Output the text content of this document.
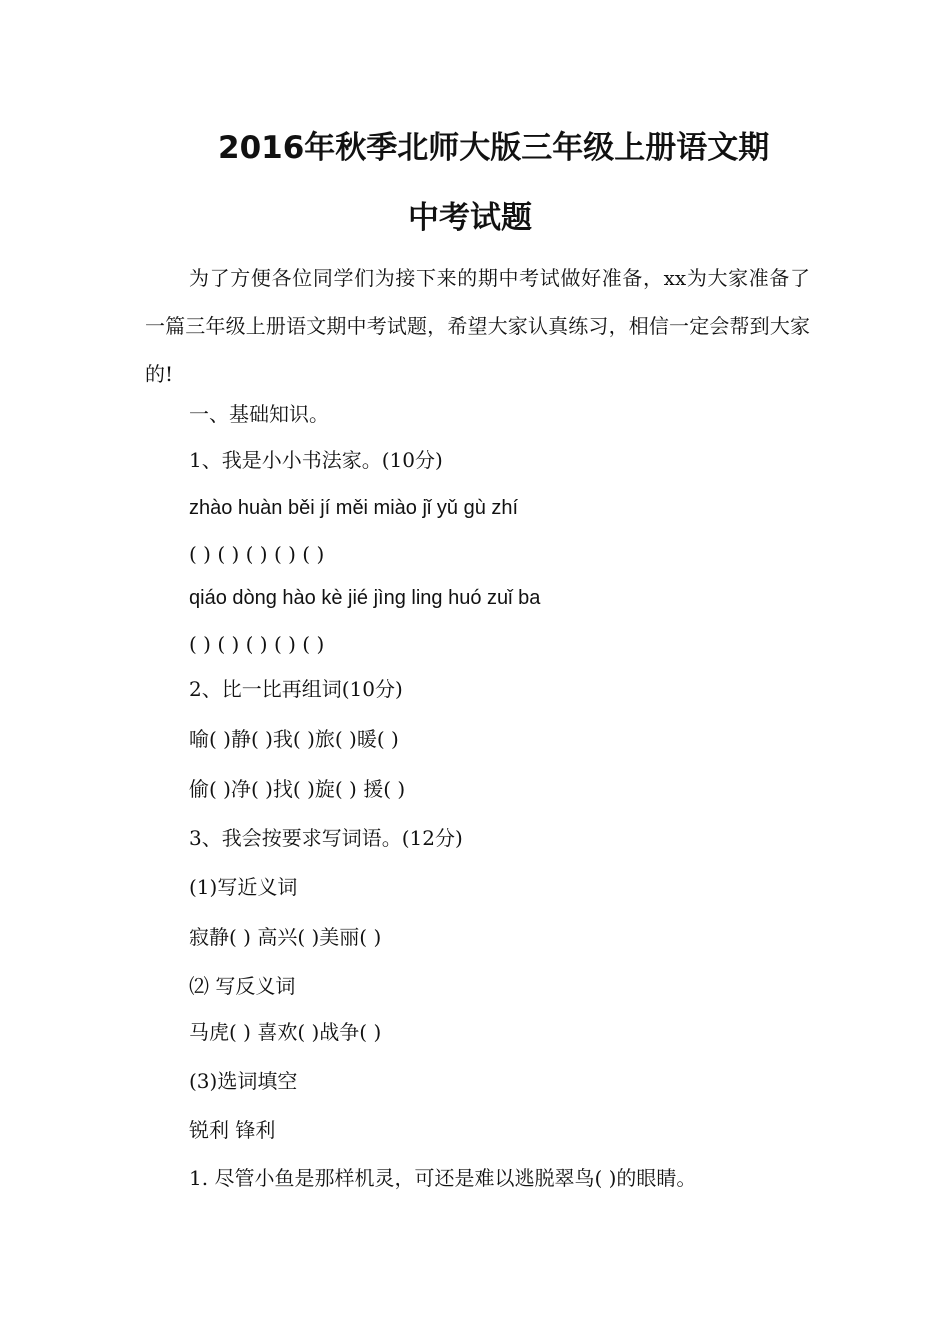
2016年秋季北师大版三年级上册语文期
中考试题

为了方便各位同学们为接下来的期中考试做好准备，xx为大家准备了一篇三年级上册语文期中考试题，希望大家认真练习，相信一定会帮到大家的!

一、基础知识。
1、我是小小书法家。(10分)
zhào huàn běi jí měi miào jǐ yǔ gù zhí
( ) ( ) ( ) ( ) ( )
qiáo dòng hào kè jié jìng ling huó zuǐ ba
( ) ( ) ( ) ( ) ( )
2、比一比再组词(10分)
喻( )静( )我( )旅( )暖( )
偷( )净( )找( )旋( ) 援( )
3、我会按要求写词语。(12分)
(1)写近义词
寂静( ) 高兴( )美丽( )
⑵ 写反义词
马虎( ) 喜欢( )战争( )
(3)选词填空
锐利 锋利
1. 尽管小鱼是那样机灵，可还是难以逃脱翠鸟( )的眼睛。
